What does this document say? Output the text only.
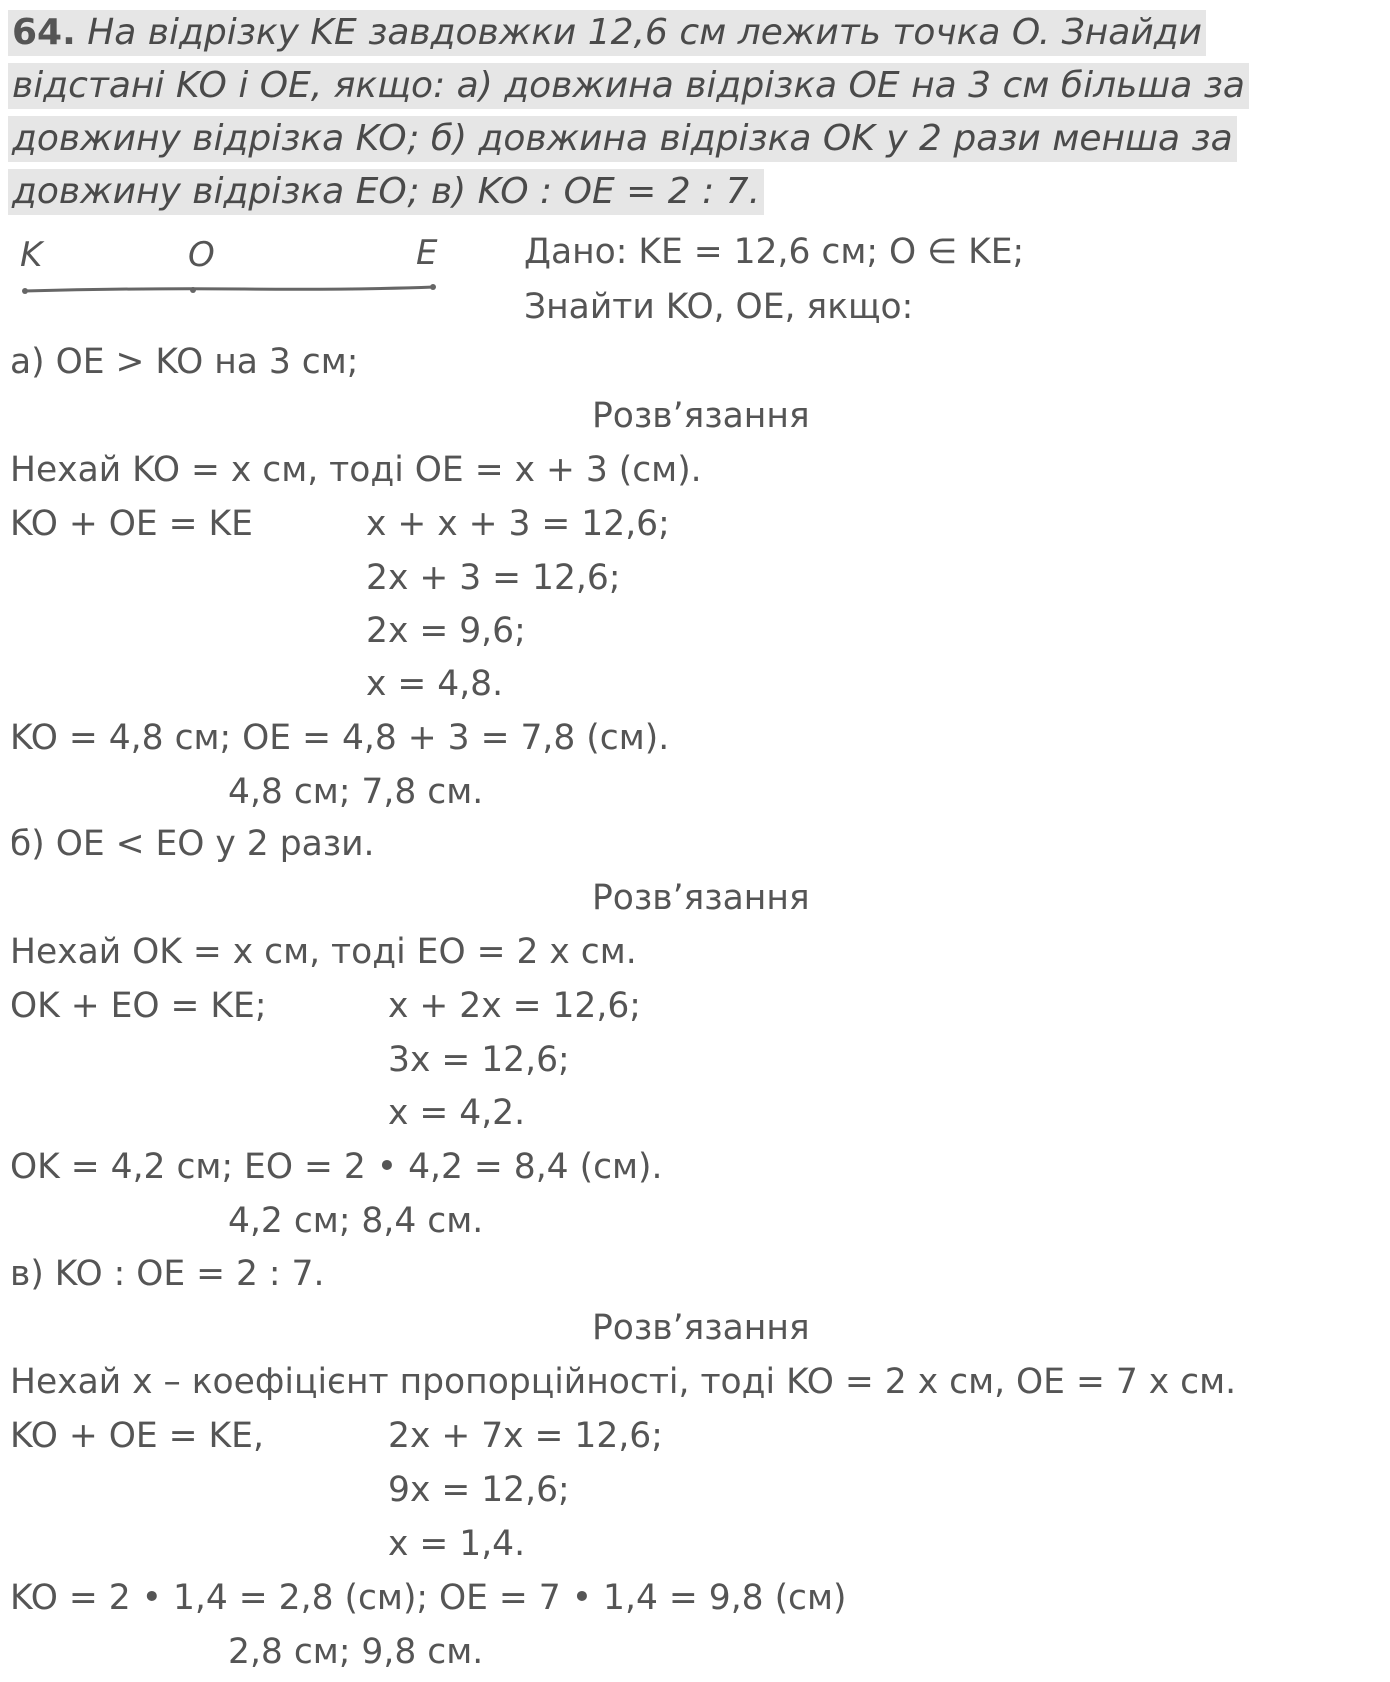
64. На відрізку KE завдовжки 12,6 см лежить точка O. Знайди
відстані KO і OE, якщо: а) довжина відрізка OE на 3 см більша за
довжину відрізка KO; б) довжина відрізка OK у 2 рази менша за
довжину відрізка EO; в) KO : OE = 2 : 7.
K	O	E	Дано: KE = 12,6 см; O ∈ KE;
Знайти KO, OE, якщо:
а) OE > KO на 3 см;
Розв’язання
Нехай KO = x см, тоді OE = x + 3 (см).
KO + OE = KE	x + x + 3 = 12,6;
2x + 3 = 12,6;
2x = 9,6;
x = 4,8.
KO = 4,8 см; OE = 4,8 + 3 = 7,8 (см).
4,8 см; 7,8 см.
б) OE < EO у 2 рази.
Розв’язання
Нехай OK = x см, тоді EO = 2 x см.
OK + EO = KE;	x + 2x = 12,6;
3x = 12,6;
x = 4,2.
OK = 4,2 см; EO = 2 • 4,2 = 8,4 (см).
4,2 см; 8,4 см.
в) KO : OE = 2 : 7.
Розв’язання
Нехай x – коефіцієнт пропорційності, тоді KO = 2 x см, OE = 7 x см.
KO + OE = KE,	2x + 7x = 12,6;
9x = 12,6;
x = 1,4.
KO = 2 • 1,4 = 2,8 (см); OE = 7 • 1,4 = 9,8 (см)
2,8 см; 9,8 см.
